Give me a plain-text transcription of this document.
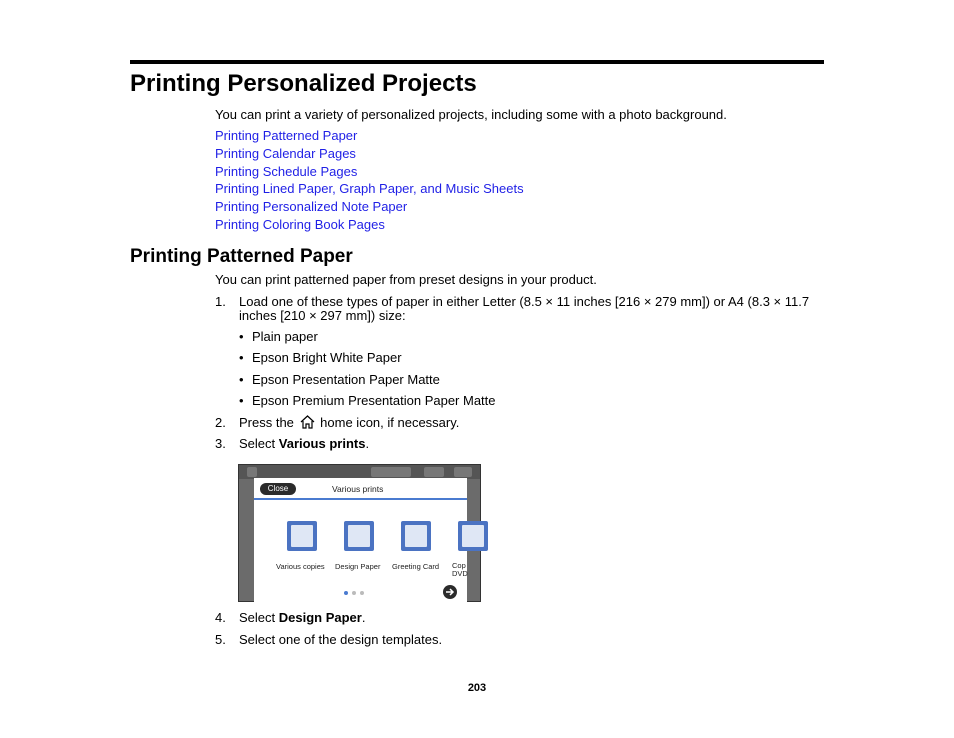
Printing Personalized Projects
You can print a variety of personalized projects, including some with a photo background.
Printing Patterned Paper
Printing Calendar Pages
Printing Schedule Pages
Printing Lined Paper, Graph Paper, and Music Sheets
Printing Personalized Note Paper
Printing Coloring Book Pages
Printing Patterned Paper
You can print patterned paper from preset designs in your product.
1. Load one of these types of paper in either Letter (8.5 × 11 inches [216 × 279 mm]) or A4 (8.3 × 11.7
inches [210 × 297 mm]) size:
• Plain paper
• Epson Bright White Paper
• Epson Presentation Paper Matte
• Epson Premium Presentation Paper Matte
2. Press the home icon, if necessary.
3. Select Various prints.
Close	Various prints
Various copies Design Paper Greeting Card Cop DVD
4. Select Design Paper.
5. Select one of the design templates.
203
